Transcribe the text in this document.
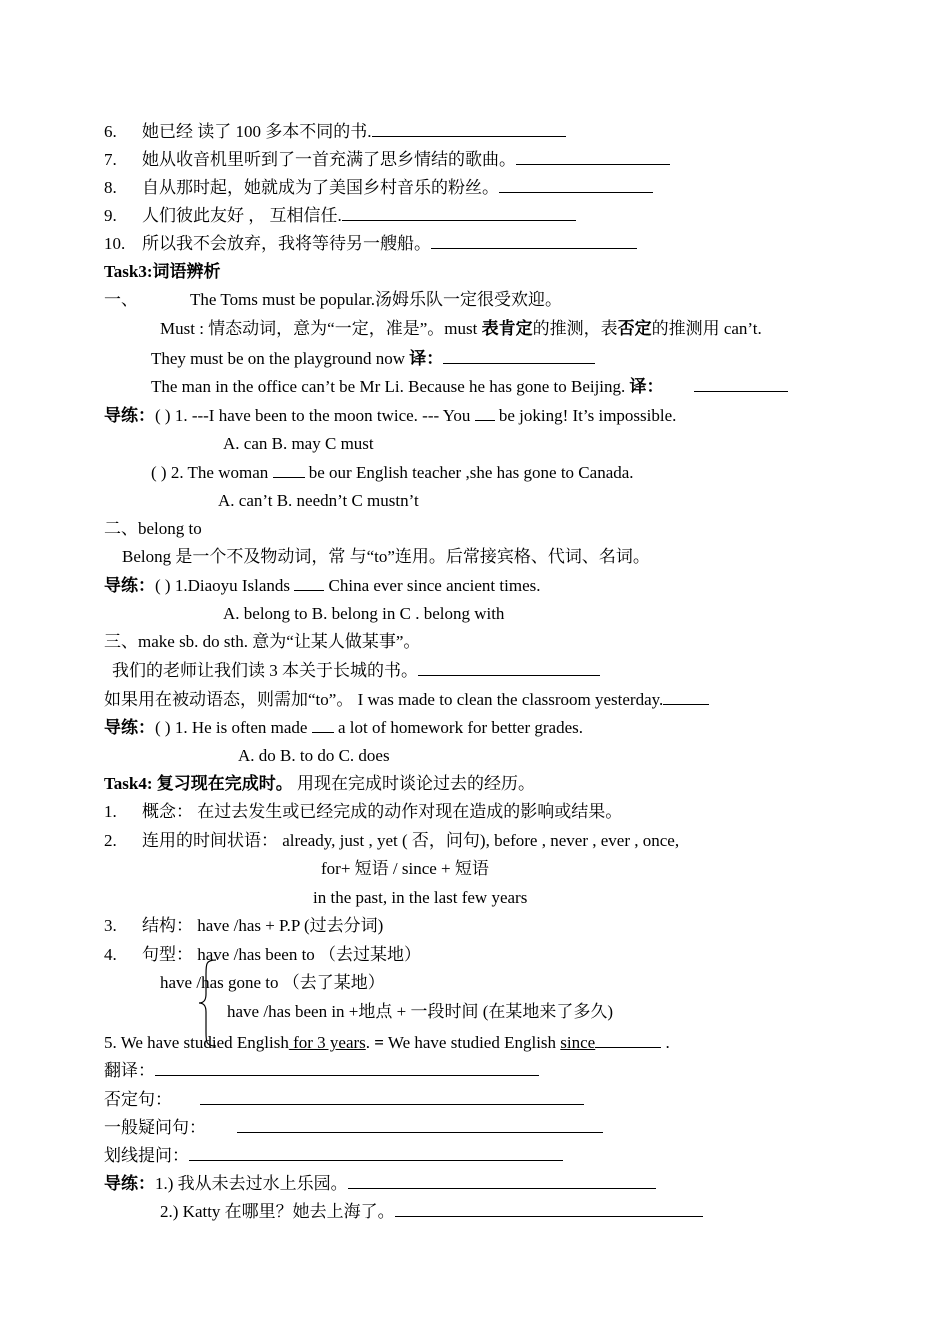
6. 她已经 读了 100 多本不同的书.
7. 她从收音机里听到了一首充满了思乡情结的歌曲。
8. 自从那时起，她就成为了美国乡村音乐的粉丝。
9. 人们彼此友好 ， 互相信任.
10. 所以我不会放弃，我将等待另一艘船。
Task3:词语辨析
一、	The Toms must be popular.汤姆乐队一定很受欢迎。
Must : 情态动词，意为“一定，准是”。must 表肯定的推测，表否定的推测用 can’t.
They must be on the playground now 译：
The man in the office can’t be Mr Li. Because he has gone to Beijing. 译：
导练：( ) 1. ---I have been to the moon twice. --- You  be joking! It’s impossible.
A. can B. may C must
( ) 2. The woman  be our English teacher ,she has gone to Canada.
A. can’t B. needn’t C mustn’t
二、belong to
Belong 是一个不及物动词，常 与“to”连用。后常接宾格、代词、名词。
导练：( ) 1.Diaoyu Islands  China ever since ancient times.
A. belong to B. belong in C . belong with
三、make sb. do sth. 意为“让某人做某事”。
我们的老师让我们读 3 本关于长城的书。
如果用在被动语态，则需加“to”。 I was made to clean the classroom yesterday.
导练：( ) 1. He is often made  a lot of homework for better grades.
A. do B. to do C. does
Task4: 复习现在完成时。 用现在完成时谈论过去的经历。
1. 概念： 在过去发生或已经完成的动作对现在造成的影响或结果。
2. 连用的时间状语： already, just , yet ( 否，问句), before , never , ever , once,
for+ 短语 / since + 短语
in the past, in the last few years
3. 结构： have /has + P.P (过去分词)
4. 句型： have /has been to （去过某地）
have /has gone to （去了某地）
have /has been in +地点 + 一段时间 (在某地来了多久)
5. We have studied English for 3 years. = We have studied English since	.
翻译：
否定句：
一般疑问句：
划线提问：
导练：1.) 我从未去过水上乐园。
2.) Katty 在哪里？她去上海了。
